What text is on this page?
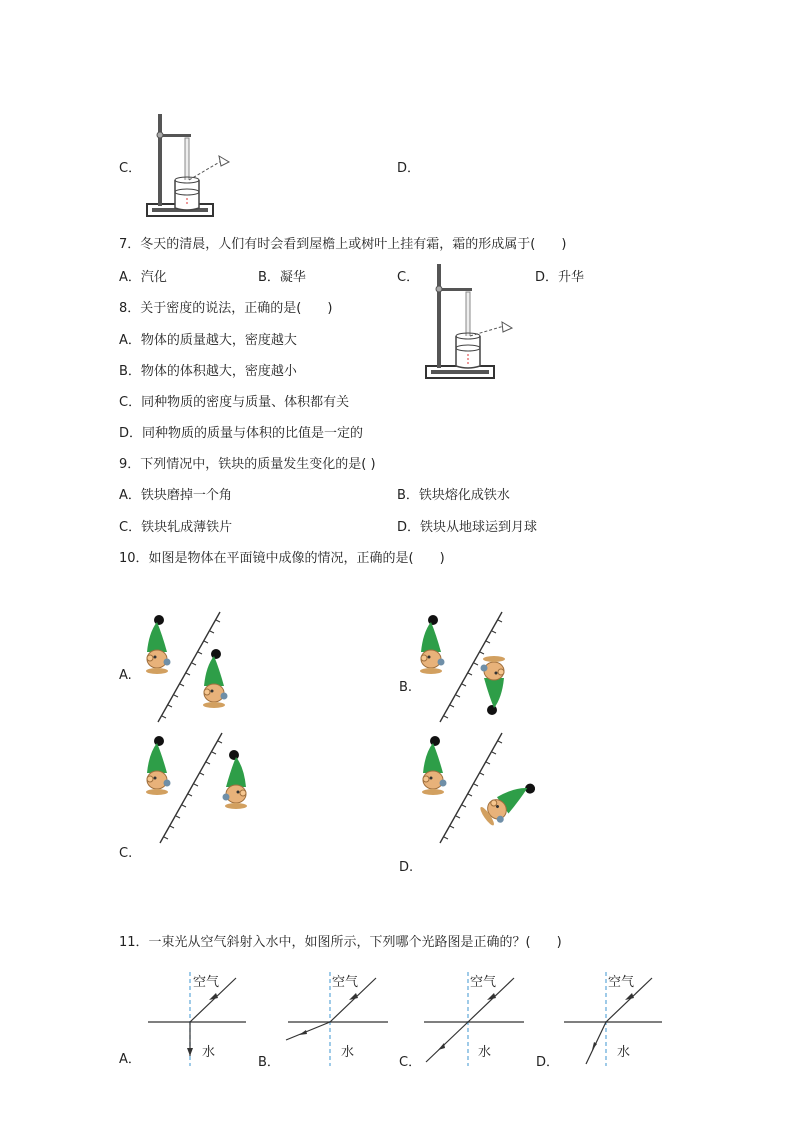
C．	D．
7．冬天的清晨，人们有时会看到屋檐上或树叶上挂有霜，霜的形成属于(　　)
A．汽化	B．凝华	C．	D．升华
8．关于密度的说法，正确的是(　　)
A．物体的质量越大，密度越大
B．物体的体积越大，密度越小
C．同种物质的密度与质量、体积都有关
D．同种物质的质量与体积的比值是一定的
9．下列情况中，铁块的质量发生变化的是( )
A．铁块磨掉一个角	B．铁块熔化成铁水
C．铁块轧成薄铁片	D．铁块从地球运到月球
10．如图是物体在平面镜中成像的情况，正确的是(　　)
A.
B.
C.
D.
11．一束光从空气斜射入水中，如图所示，下列哪个光路图是正确的？(　　)
A．
空气
水
B．
空气
水
C．
空气
水
D．
空气
水
